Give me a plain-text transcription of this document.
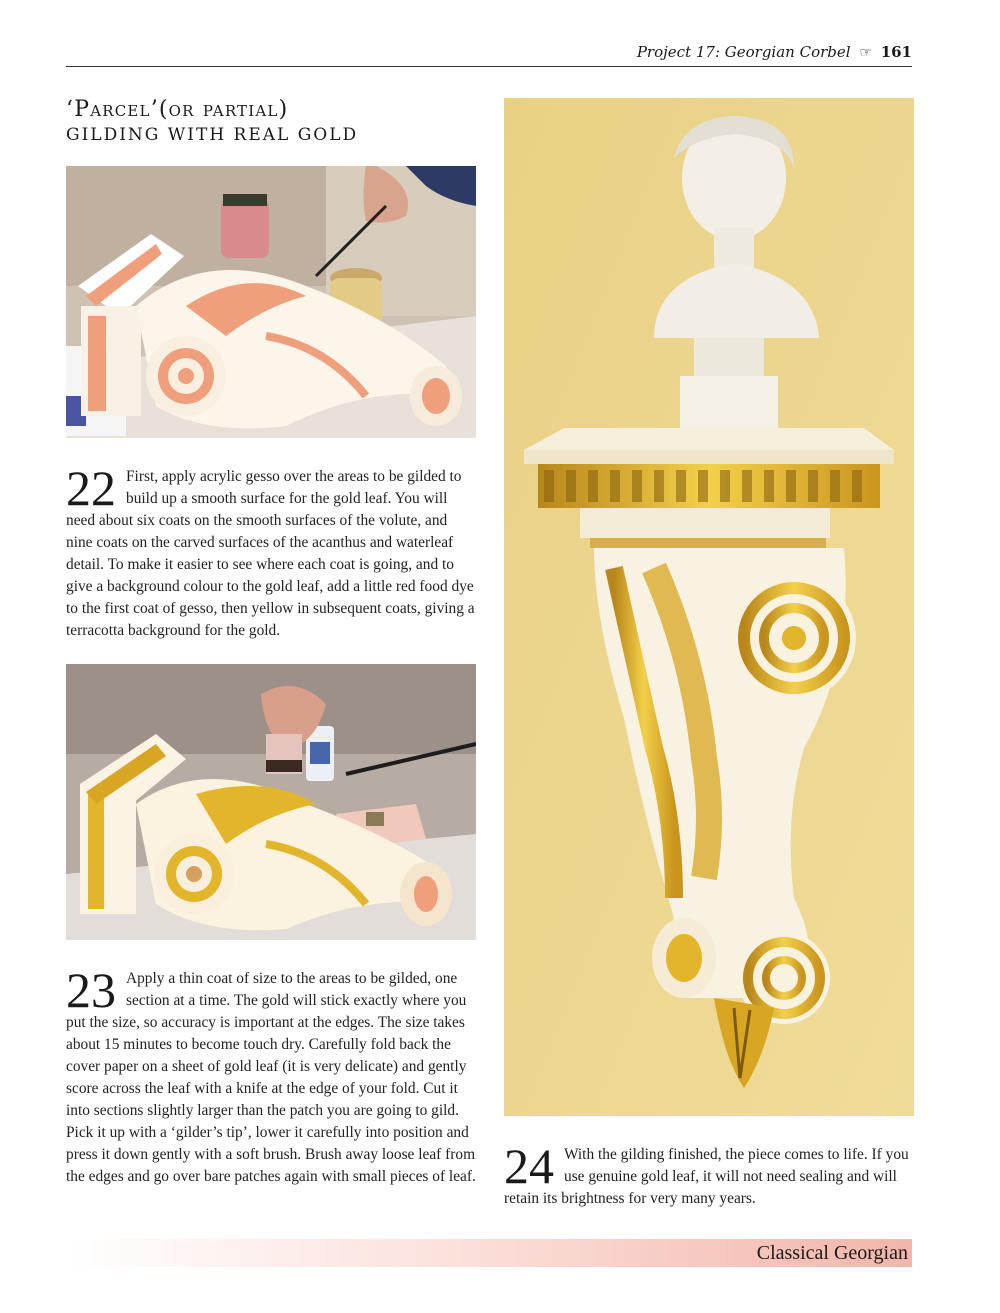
Project 17: Georgian Corbel ☞ 161
‘Parcel’(or partial)
GILDING WITH REAL GOLD
22 First, apply acrylic gesso over the areas to be gilded to build up a smooth surface for the gold leaf. You will need about six coats on the smooth surfaces of the volute, and nine coats on the carved surfaces of the acanthus and waterleaf detail. To make it easier to see where each coat is going, and to give a background colour to the gold leaf, add a little red food dye to the first coat of gesso, then yellow in subsequent coats, giving a terracotta background for the gold.
23 Apply a thin coat of size to the areas to be gilded, one section at a time. The gold will stick exactly where you put the size, so accuracy is important at the edges. The size takes about 15 minutes to become touch dry. Carefully fold back the cover paper on a sheet of gold leaf (it is very delicate) and gently score across the leaf with a knife at the edge of your fold. Cut it into sections slightly larger than the patch you are going to gild. Pick it up with a ‘gilder’s tip’, lower it carefully into position and press it down gently with a soft brush. Brush away loose leaf from the edges and go over bare patches again with small pieces of leaf. 24 With the gilding finished, the piece comes to life. If you use genuine gold leaf, it will not need sealing and will retain its brightness for very many years.
Classical Georgian
